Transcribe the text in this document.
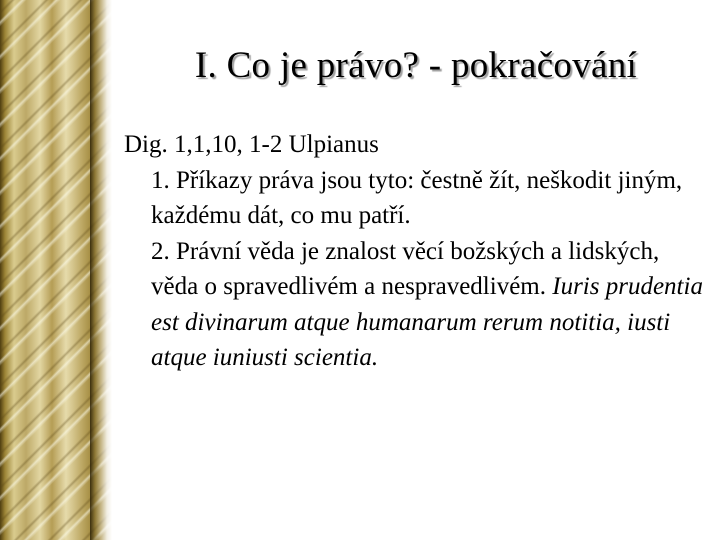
I. Co je právo? - pokračování

Dig. 1,1,10, 1-2 Ulpianus

1. Příkazy práva jsou tyto: čestně žít, neškodit jiným, každému dát, co mu patří.

2. Právní věda je znalost věcí božských a lidských, věda o spravedlivém a nespravedlivém. Iuris prudentia est divinarum atque humanarum rerum notitia, iusti atque iuniusti scientia.
